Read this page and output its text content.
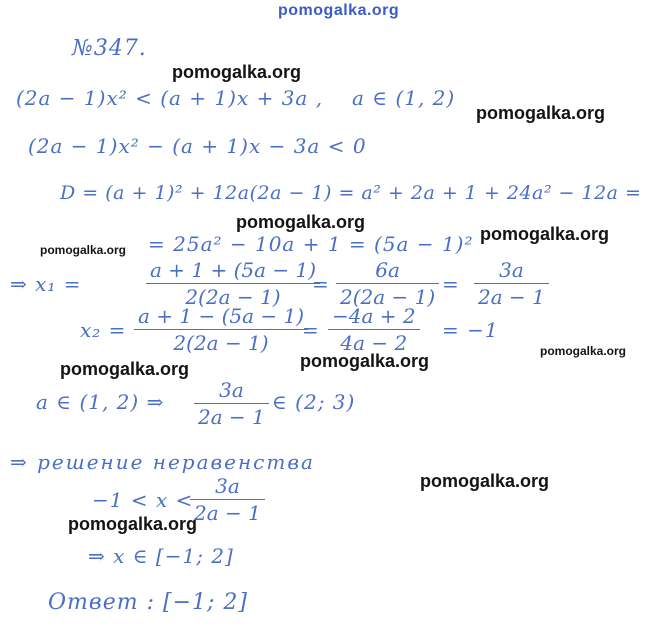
pomogalka.org
pomogalka.org
pomogalka.org
pomogalka.org
pomogalka.org
pomogalka.org
pomogalka.org	pomogalka.org	pomogalka.org
pomogalka.org
pomogalka.org
№347.
(2a − 1)x² < (a + 1)x + 3a , a ∈ (1, 2)
(2a − 1)x² − (a + 1)x − 3a < 0
D = (a + 1)² + 12a(2a − 1) = a² + 2a + 1 + 24a² − 12a =
= 25a² − 10a + 1 = (5a − 1)²
⇒ x₁ =
a + 1 + (5a − 1)
2(2a − 1)
=
6a
2(2a − 1)
=
3a
2a − 1
x₂ =
a + 1 − (5a − 1)
2(2a − 1)
=
−4a + 2
4a − 2
= −1
a ∈ (1, 2) ⇒	3a
2a − 1
∈ (2; 3)
⇒ решение неравенства
−1 < x <
3a
2a − 1
⇒ x ∈ [−1; 2]
Ответ : [−1; 2]
